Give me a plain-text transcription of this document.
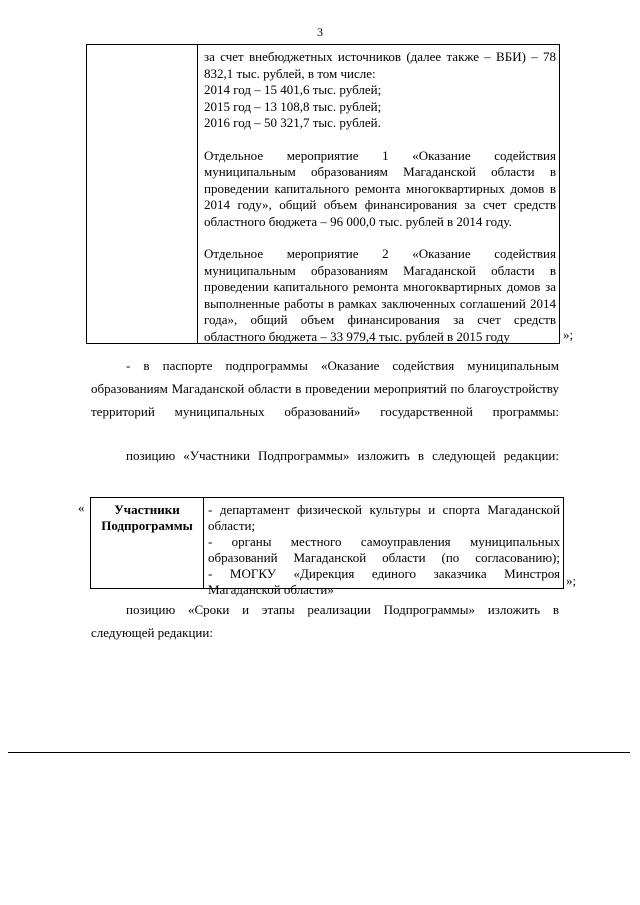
3

за счет внебюджетных источников (далее также – ВБИ) – 78 832,1 тыс. рублей, в том числе:

2014 год – 15 401,6 тыс. рублей;

2015 год – 13 108,8 тыс. рублей;

2016 год – 50 321,7 тыс. рублей.

Отдельное мероприятие 1 «Оказание содействия муниципальным образованиям Магаданской области в проведении капитального ремонта многоквартирных домов в 2014 году», общий объем финансирования за счет средств областного бюджета – 96 000,0 тыс. рублей в 2014 году.

Отдельное мероприятие 2 «Оказание содействия муниципальным образованиям Магаданской области в проведении капитального ремонта многоквартирных домов за выполненные работы в рамках заключенных соглашений 2014 года», общий объем финансирования за счет средств областного бюджета – 33 979,4 тыс. рублей в 2015 году	»;
- в паспорте подпрограммы «Оказание содействия муниципальным образованиям Магаданской области в проведении мероприятий по благоустройству территорий муниципальных образований» государственной программы:
позицию «Участники Подпрограммы» изложить в следующей редакции:
«	Участники
Подпрограммы

- департамент физической культуры и спорта Магаданской области;

- органы местного самоуправления муниципальных образований Магаданской области (по согласованию);

- МОГКУ «Дирекция единого заказчика Минстроя Магаданской области»

»;
позицию «Сроки и этапы реализации Подпрограммы» изложить в следующей редакции:
